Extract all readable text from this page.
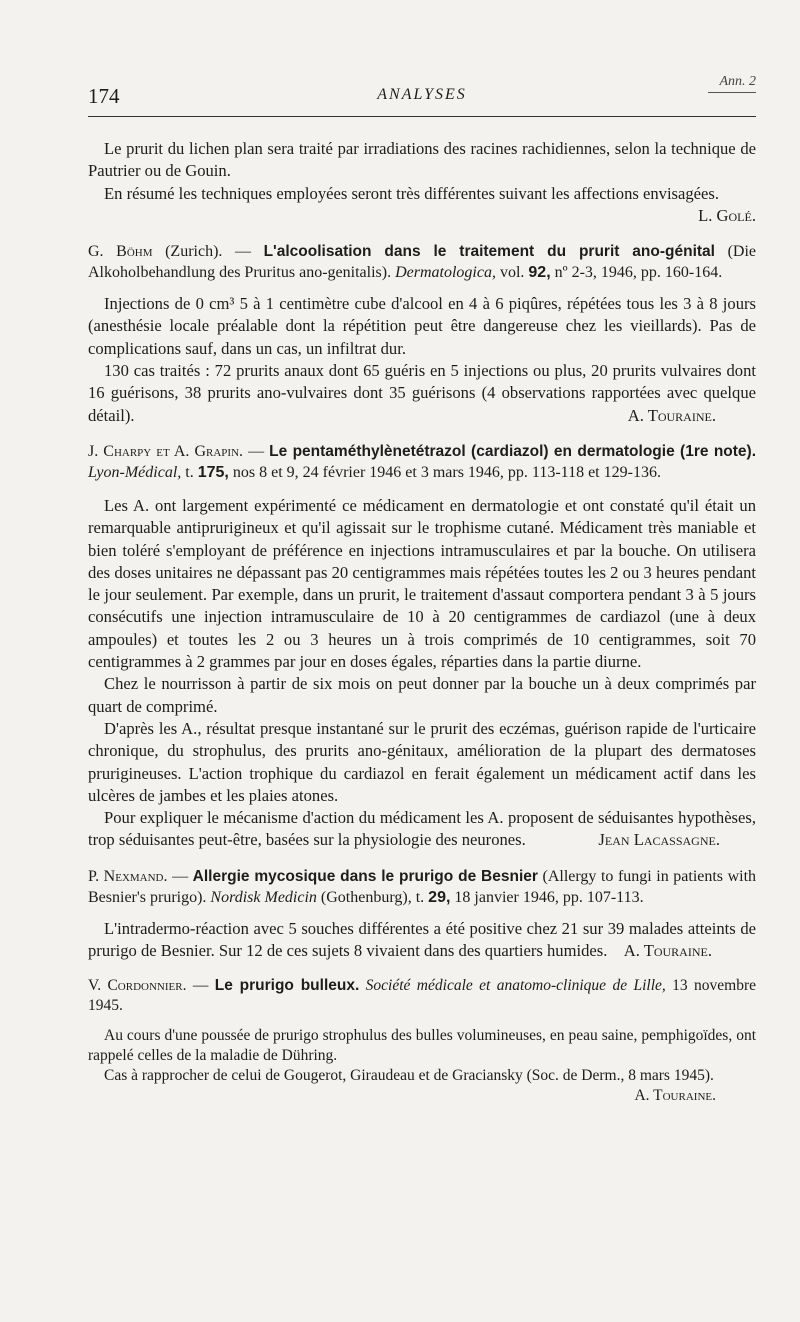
174	ANALYSES
Ann. 2

Le prurit du lichen plan sera traité par irradiations des racines rachidiennes, selon la technique de Pautrier ou de Gouin.

En résumé les techniques employées seront très différentes suivant les affections envisagées.
L. Golé.

G. Böhm (Zurich). — L'alcoolisation dans le traitement du prurit ano-génital (Die Alkoholbehandlung des Pruritus ano-genitalis). Dermatologica, vol. 92, nº 2-3, 1946, pp. 160-164.

Injections de 0 cm³ 5 à 1 centimètre cube d'alcool en 4 à 6 piqûres, répétées tous les 3 à 8 jours (anesthésie locale préalable dont la répétition peut être dangereuse chez les vieillards). Pas de complications sauf, dans un cas, un infiltrat dur.

130 cas traités : 72 prurits anaux dont 65 guéris en 5 injections ou plus, 20 prurits vulvaires dont 16 guérisons, 38 prurits ano-vulvaires dont 35 guérisons (4 observations rapportées avec quelque détail).	A. Touraine.

J. Charpy et A. Grapin. — Le pentaméthylènetétrazol (cardiazol) en dermatologie (1re note). Lyon-Médical, t. 175, nos 8 et 9, 24 février 1946 et 3 mars 1946, pp. 113-118 et 129-136.

Les A. ont largement expérimenté ce médicament en dermatologie et ont constaté qu'il était un remarquable antiprurigineux et qu'il agissait sur le trophisme cutané. Médicament très maniable et bien toléré s'employant de préférence en injections intramusculaires et par la bouche. On utilisera des doses unitaires ne dépassant pas 20 centigrammes mais répétées toutes les 2 ou 3 heures pendant le jour seulement. Par exemple, dans un prurit, le traitement d'assaut comportera pendant 3 à 5 jours consécutifs une injection intramusculaire de 10 à 20 centigrammes de cardiazol (une à deux ampoules) et toutes les 2 ou 3 heures un à trois comprimés de 10 centigrammes, soit 70 centigrammes à 2 grammes par jour en doses égales, réparties dans la partie diurne.

Chez le nourrisson à partir de six mois on peut donner par la bouche un à deux comprimés par quart de comprimé.

D'après les A., résultat presque instantané sur le prurit des eczémas, guérison rapide de l'urticaire chronique, du strophulus, des prurits ano-génitaux, amélioration de la plupart des dermatoses prurigineuses. L'action trophique du cardiazol en ferait également un médicament actif dans les ulcères de jambes et les plaies atones.

Pour expliquer le mécanisme d'action du médicament les A. proposent de séduisantes hypothèses, trop séduisantes peut-être, basées sur la physiologie des neurones.	Jean Lacassagne.

P. Nexmand. — Allergie mycosique dans le prurigo de Besnier (Allergy to fungi in patients with Besnier's prurigo). Nordisk Medicin (Gothenburg), t. 29, 18 janvier 1946, pp. 107-113.

L'intradermo-réaction avec 5 souches différentes a été positive chez 21 sur 39 malades atteints de prurigo de Besnier. Sur 12 de ces sujets 8 vivaient dans des quartiers humides. A. Touraine.

V. Cordonnier. — Le prurigo bulleux. Société médicale et anatomo-clinique de Lille, 13 novembre 1945.

Au cours d'une poussée de prurigo strophulus des bulles volumineuses, en peau saine, pemphigoïdes, ont rappelé celles de la maladie de Dühring.

Cas à rapprocher de celui de Gougerot, Giraudeau et de Graciansky (Soc. de Derm., 8 mars 1945).
A. Touraine.
